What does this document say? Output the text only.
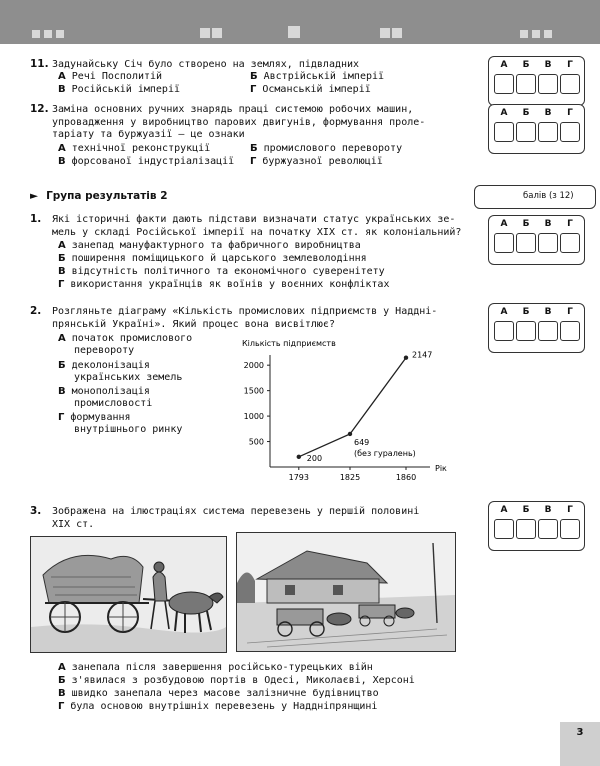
11. Задунайську Січ було створено на землях, підвладних
А Речі Посполитій	Б Австрійській імперії
В Російській імперії	Г Османській імперії
А	Б	В	Г
12. Заміна основних ручних знарядь праці системою робочих машин,
упровадження у виробництво парових двигунів, формування проле-
таріату та буржуазії — це ознаки
А технічної реконструкції	Б промислового перевороту
В форсованої індустріалізації Г буржуазної революції
А	Б	В	Г
► Група результатів 2	балів (з 12)
1. Які історичні факти дають підстави визначати статус українських зе-
мель у складі Російської імперії на початку XIX ст. як колоніальний?
А занепад мануфактурного та фабричного виробництва
Б поширення поміщицького й царського землеволодіння
В відсутність політичного та економічного суверенітету
Г використання українців як воїнів у воєнних конфліктах
А	Б	В	Г
2. Розгляньте діаграму «Кількість промислових підприємств у Наддні-
прянській Україні». Який процес вона висвітлює?
А початок промислового
перевороту
Б деколонізація
українських земель
В монополізація
промисловості
Г формування
внутрішнього ринку
А	Б	В	Г
Кількість підприємств
Рік
500
1000
1500
2000
1793	1825	1860
200
649
2147
(без гуралень)
3. Зображена на ілюстраціях система перевезень у першій половині
XIX ст.
А	Б	В	Г
А занепала після завершення російсько-турецьких війн
Б з'явилася з розбудовою портів в Одесі, Миколаєві, Херсоні
В швидко занепала через масове залізничне будівництво
Г була основою внутрішніх перевезень у Наддніпрянщині
3
